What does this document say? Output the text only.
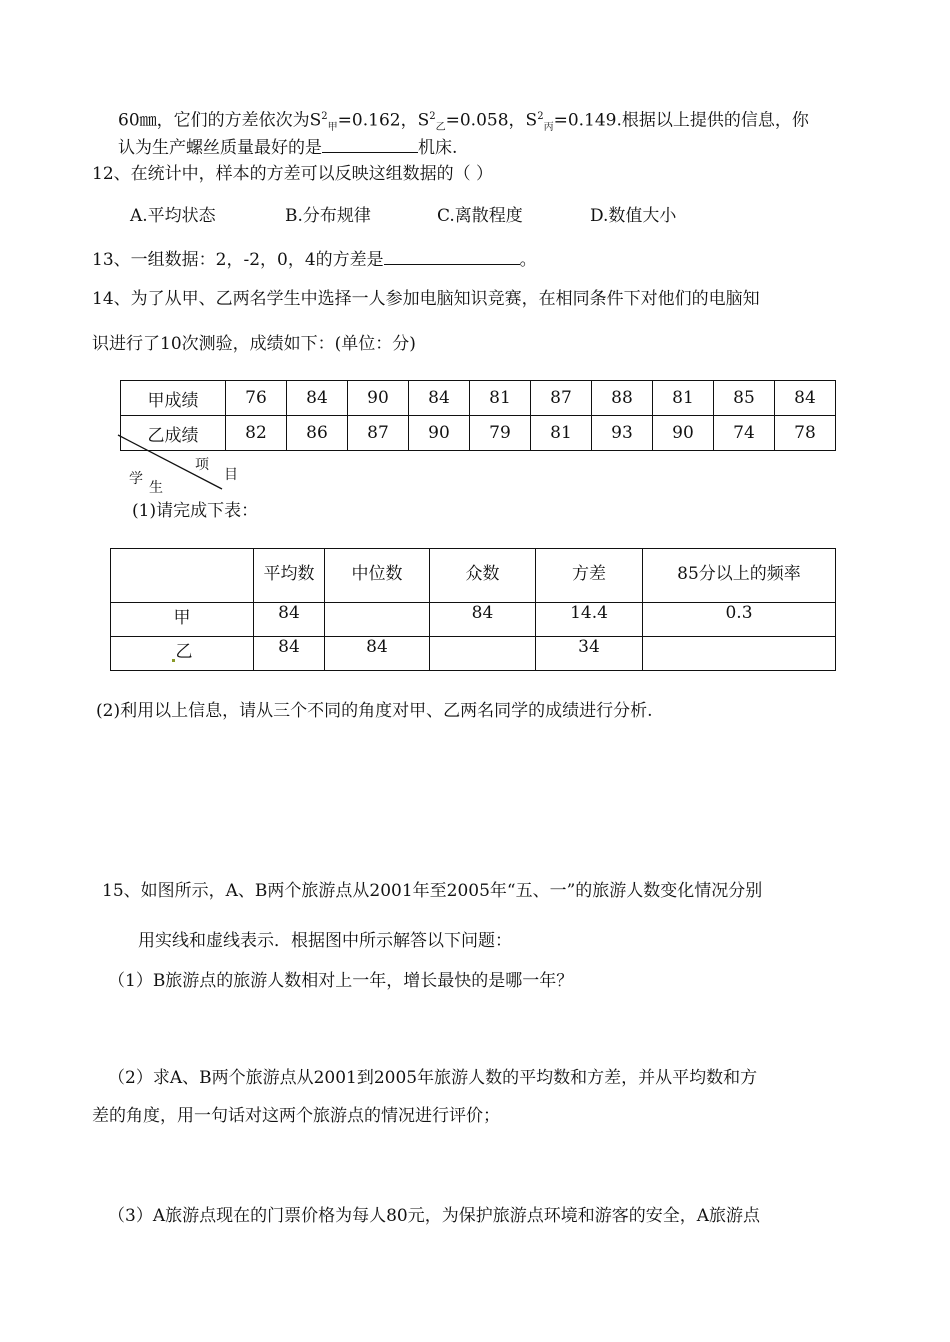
60㎜，它们的方差依次为$S^2_甲=0.162$，$S^2_乙=0.058$，$S^2_丙=0.149$.根据以上提供的信息，你
认为生产螺丝质量最好的是	机床.
12、在统计中，样本的方差可以反映这组数据的（ ）
A.平均状态	B.分布规律	C.离散程度	D.数值大小
13、一组数据：2，-2，0，4的方差是	。
14、为了从甲、乙两名学生中选择一人参加电脑知识竞赛，在相同条件下对他们的电脑知
识进行了10次测验，成绩如下：(单位：分)
甲成绩	76	84	90	84	81	87	88	81	85	84
乙成绩	82	86	87	90	79	81	93	90	74	78
项
目
学
生
(1)请完成下表：
	平均数	中位数	众数	方差	85分以上的频率
甲	84		84	14.4	0.3
乙	84	84		34	
(2)利用以上信息，请从三个不同的角度对甲、乙两名同学的成绩进行分析.
15、如图所示，A、B两个旅游点从2001年至2005年“五、一”的旅游人数变化情况分别
用实线和虚线表示．根据图中所示解答以下问题：
（1）B旅游点的旅游人数相对上一年，增长最快的是哪一年？
（2）求A、B两个旅游点从2001到2005年旅游人数的平均数和方差，并从平均数和方
差的角度，用一句话对这两个旅游点的情况进行评价；
（3）A旅游点现在的门票价格为每人80元，为保护旅游点环境和游客的安全，A旅游点
